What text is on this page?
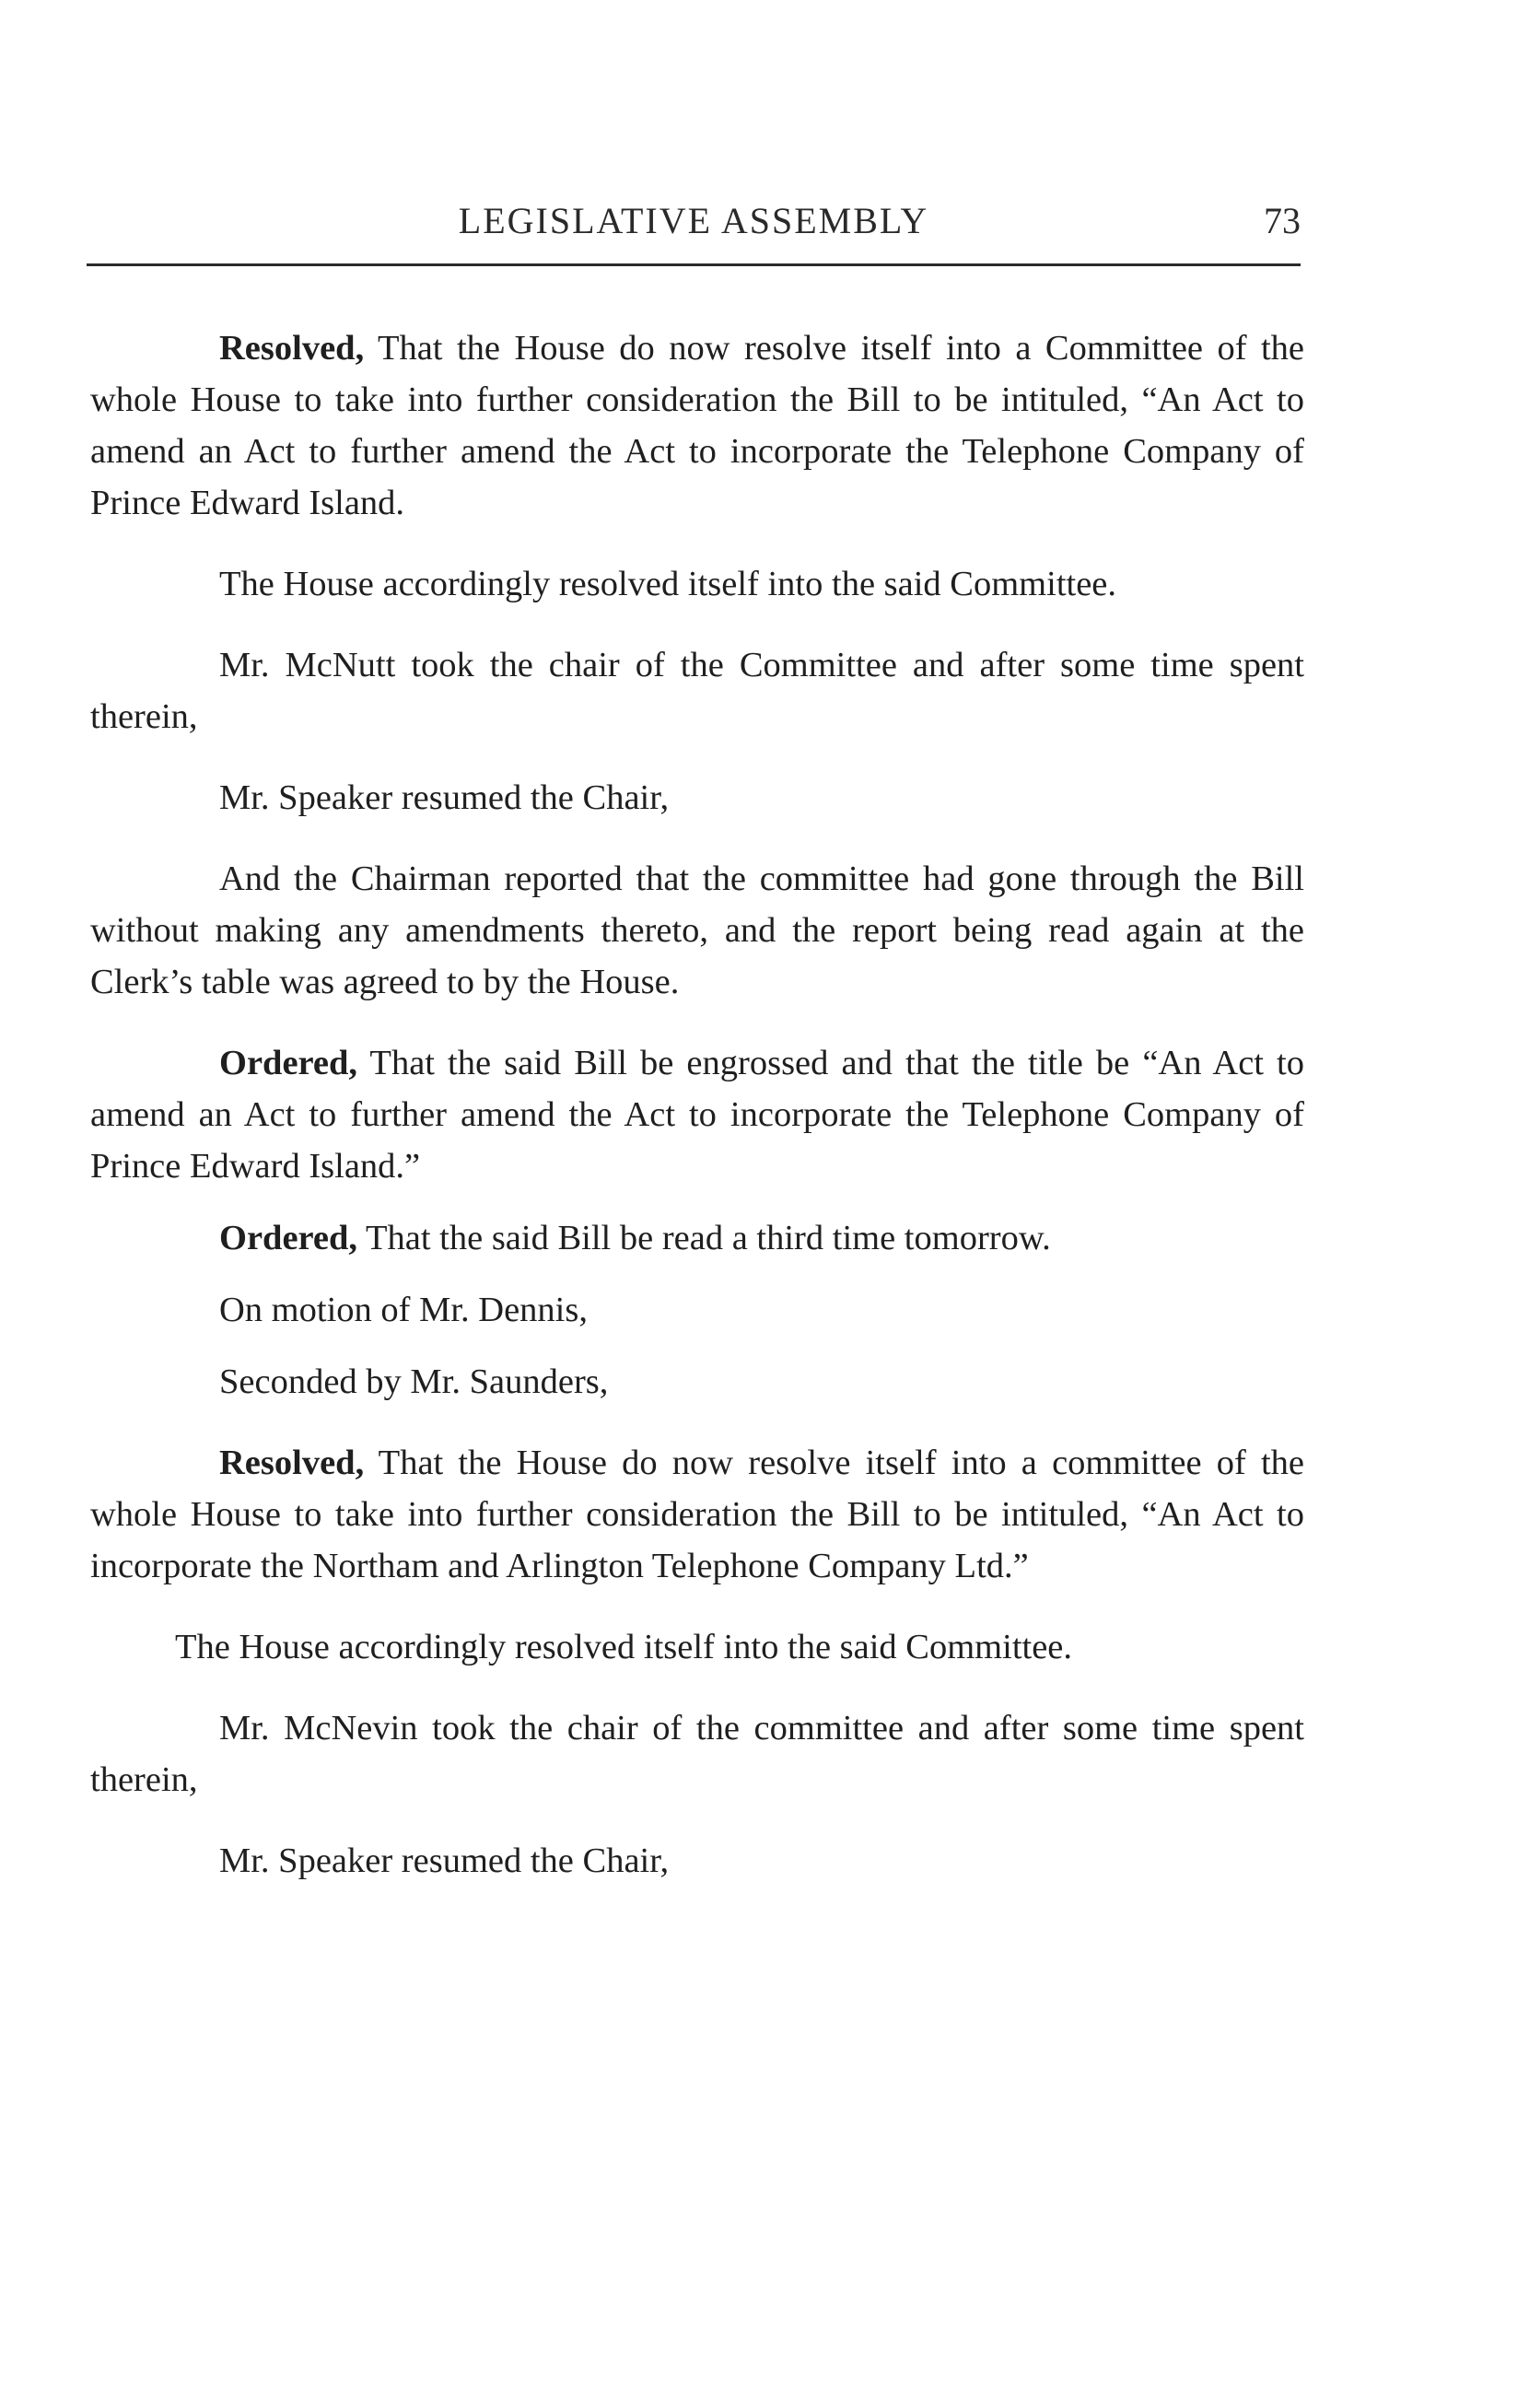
LEGISLATIVE ASSEMBLY	73

Resolved, That the House do now resolve itself into a Committee of the whole House to take into further consideration the Bill to be intituled, “An Act to amend an Act to further amend the Act to incorporate the Telephone Company of Prince Edward Island.

The House accordingly resolved itself into the said Committee.

Mr. McNutt took the chair of the Committee and after some time spent therein,

Mr. Speaker resumed the Chair,

And the Chairman reported that the committee had gone through the Bill without making any amendments thereto, and the report being read again at the Clerk’s table was agreed to by the House.

Ordered, That the said Bill be engrossed and that the title be “An Act to amend an Act to further amend the Act to incorporate the Telephone Company of Prince Edward Island.”

Ordered, That the said Bill be read a third time tomorrow.

On motion of Mr. Dennis,

Seconded by Mr. Saunders,

Resolved, That the House do now resolve itself into a committee of the whole House to take into further consideration the Bill to be intituled, “An Act to incorporate the Northam and Arlington Telephone Company Ltd.”

The House accordingly resolved itself into the said Committee.

Mr. McNevin took the chair of the committee and after some time spent therein,

Mr. Speaker resumed the Chair,
